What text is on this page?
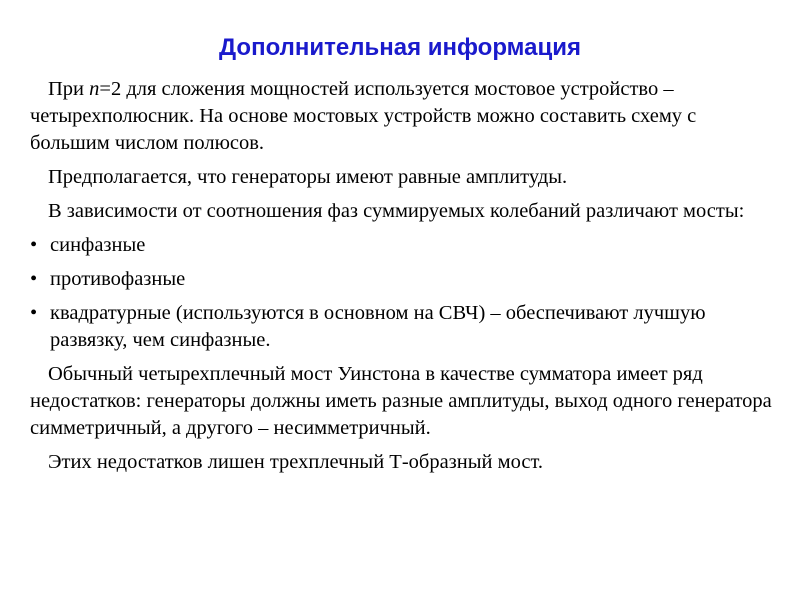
Дополнительная информация

При n=2 для сложения мощностей используется мостовое устройство – четырехполюсник. На основе мостовых устройств можно составить схему с большим числом полюсов.

Предполагается, что генераторы имеют равные амплитуды.

В зависимости от соотношения фаз суммируемых колебаний различают мосты:

• синфазные
• противофазные
• квадратурные (используются в основном на СВЧ) – обеспечивают лучшую развязку, чем синфазные.

Обычный четырехплечный мост Уинстона в качестве сумматора имеет ряд недостатков: генераторы должны иметь разные амплитуды, выход одного генератора симметричный, а другого – несимметричный.

Этих недостатков лишен трехплечный Т-образный мост.
